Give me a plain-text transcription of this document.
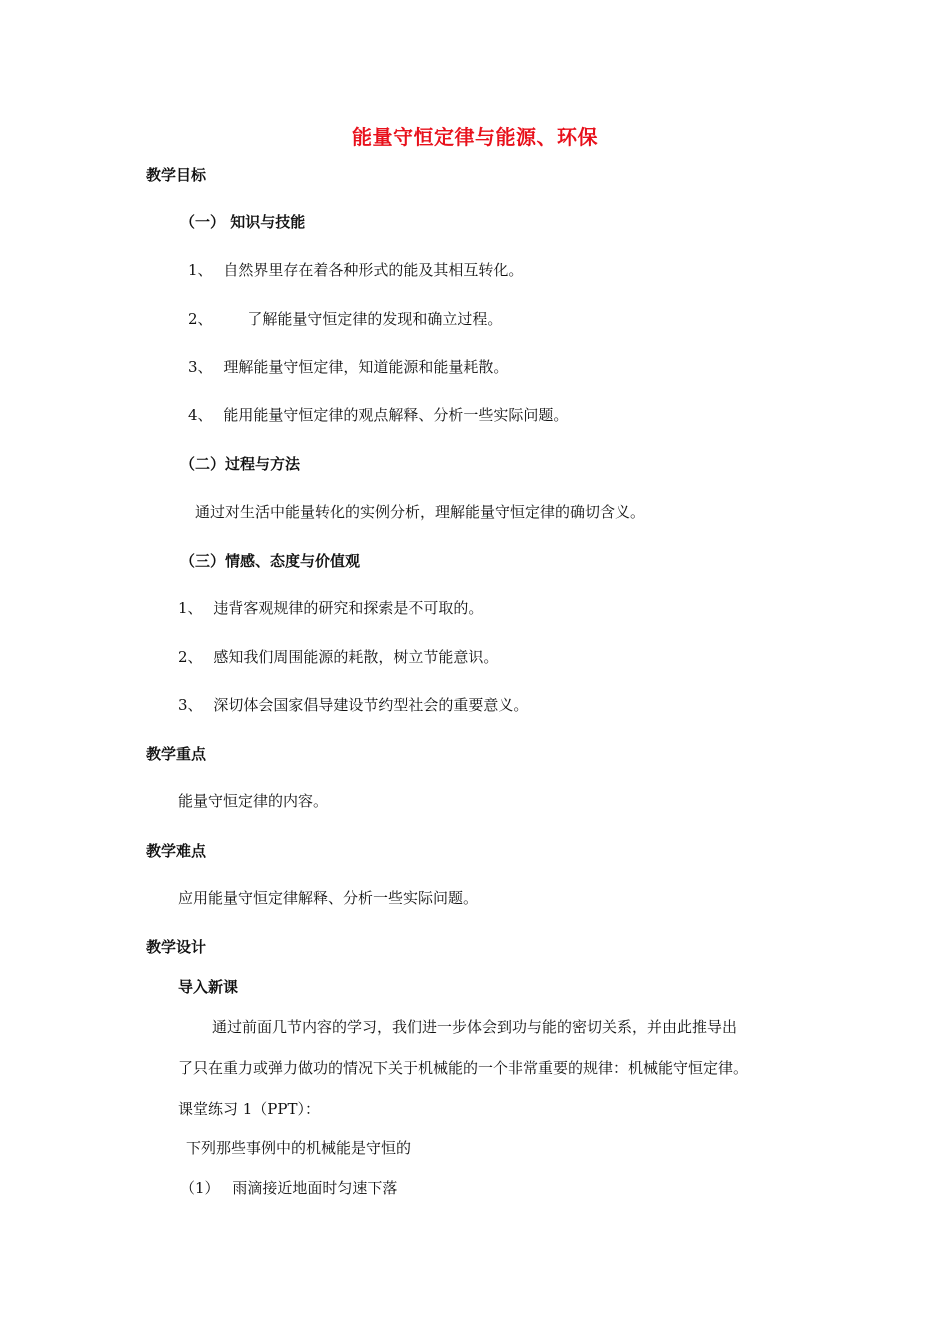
能量守恒定律与能源、环保
教学目标
（一） 知识与技能
1、 自然界里存在着各种形式的能及其相互转化。
2、 了解能量守恒定律的发现和确立过程。
3、 理解能量守恒定律，知道能源和能量耗散。
4、 能用能量守恒定律的观点解释、分析一些实际问题。
（二）过程与方法
通过对生活中能量转化的实例分析，理解能量守恒定律的确切含义。
（三）情感、态度与价值观
1、 违背客观规律的研究和探索是不可取的。
2、 感知我们周围能源的耗散，树立节能意识。
3、 深切体会国家倡导建设节约型社会的重要意义。
教学重点
能量守恒定律的内容。
教学难点
应用能量守恒定律解释、分析一些实际问题。
教学设计
导入新课
通过前面几节内容的学习，我们进一步体会到功与能的密切关系，并由此推导出
了只在重力或弹力做功的情况下关于机械能的一个非常重要的规律：机械能守恒定律。
课堂练习 1（PPT）：
下列那些事例中的机械能是守恒的
（1） 雨滴接近地面时匀速下落
